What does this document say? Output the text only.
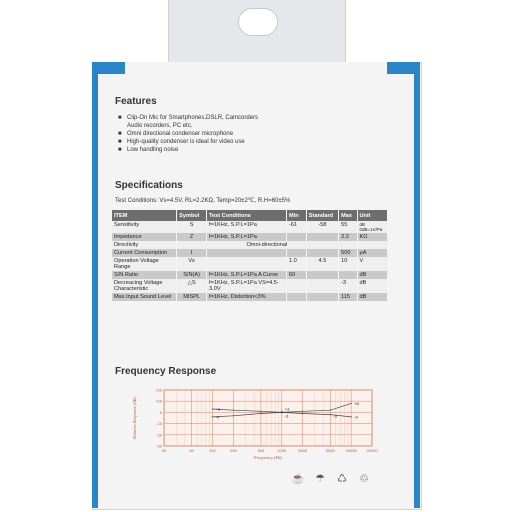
Features
■ Clip-On Mic for Smartphones,DSLR, Camcorders
Audio recorders, PC etc.
■ Omni directional condenser microphone
■ High-quality condenser is ideal for video use
■ Low handling noise
Specifications
Test Conditions: Vs=4.5V, RL=2.2KΩ, Temp=20±2℃, R.H=60±5%
ITEM	Symbol	Test Conditions	Min	Standard	Max	Unit
Sensitivity	S	f=1KHz, S.P.L=1Pa	-61	-58	55	dB 0dB=1V/Pa
Impedance	Z	f=1KHz, S.P.L=1Pa			2.2	KΩ
Directivity	Omni-directional					
Current Consumption	I				500	μA
Operation Voltage Range	Vs		1.0	4.5	10	V
S/N Ratio	S/N(A)	f=1KHz, S.P.L=1Pa A Curve	60			dB
Decreacing Voltage Characteristic	△S	f=1KHz, S.P.L=1Pa VS=4.5-3.0V			-3	dB
Max.Input Sound Level	MISPL	f=1KHz, Distortion<3%			115	dB
Frequency Response
20	50	100	200	500	1000	2000	5000	10000 20000
+20
+10
0
-10
-20
-30
Frequency (Hz)
Relative Response (dB)	+3
-4
+3
-3	-3
+8
-4
×
☕ ☂ ♺ ♲
